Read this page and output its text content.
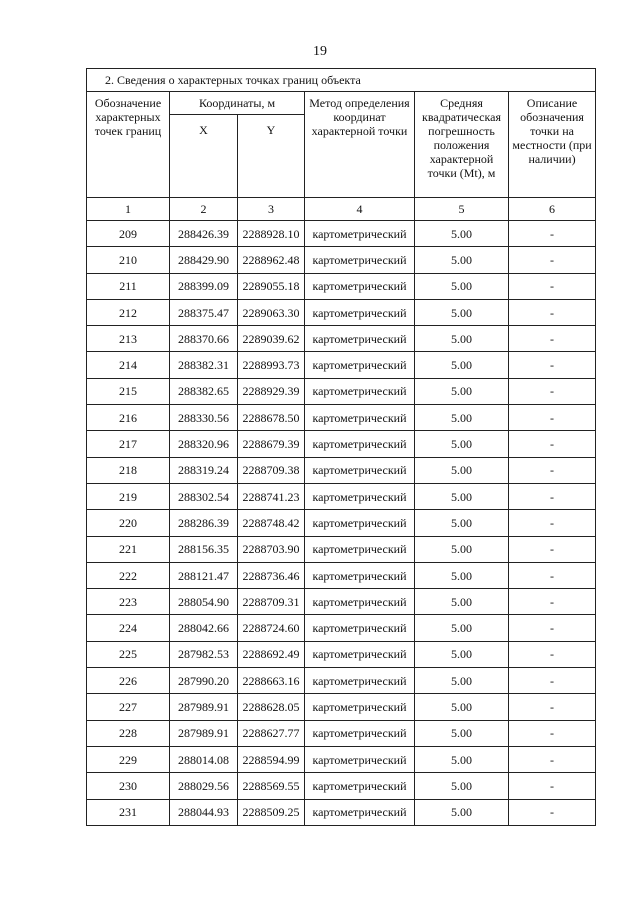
19
2. Сведения о характерных точках границ объекта					
Обозначение характерных точек границ	Координаты, м		Метод определения координат характерной точки	Средняя квадратическая погрешность положения характерной точки (Mt), м	Описание обозначения точки на местности (при наличии)
	X	Y			
1	2	3	4	5	6
209	288426.39	2288928.10	картометрический	5.00	-
210	288429.90	2288962.48	картометрический	5.00	-
211	288399.09	2289055.18	картометрический	5.00	-
212	288375.47	2289063.30	картометрический	5.00	-
213	288370.66	2289039.62	картометрический	5.00	-
214	288382.31	2288993.73	картометрический	5.00	-
215	288382.65	2288929.39	картометрический	5.00	-
216	288330.56	2288678.50	картометрический	5.00	-
217	288320.96	2288679.39	картометрический	5.00	-
218	288319.24	2288709.38	картометрический	5.00	-
219	288302.54	2288741.23	картометрический	5.00	-
220	288286.39	2288748.42	картометрический	5.00	-
221	288156.35	2288703.90	картометрический	5.00	-
222	288121.47	2288736.46	картометрический	5.00	-
223	288054.90	2288709.31	картометрический	5.00	-
224	288042.66	2288724.60	картометрический	5.00	-
225	287982.53	2288692.49	картометрический	5.00	-
226	287990.20	2288663.16	картометрический	5.00	-
227	287989.91	2288628.05	картометрический	5.00	-
228	287989.91	2288627.77	картометрический	5.00	-
229	288014.08	2288594.99	картометрический	5.00	-
230	288029.56	2288569.55	картометрический	5.00	-
231	288044.93	2288509.25	картометрический	5.00	-
